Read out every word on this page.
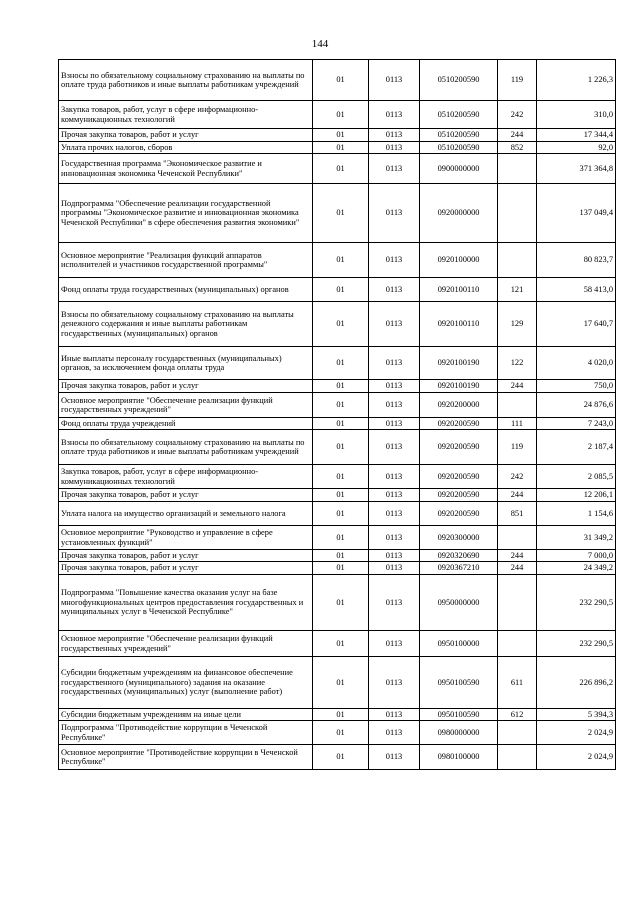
144
Взносы по обязательному социальному страхованию на выплаты по оплате труда работников и иные выплаты работникам учреждений	01	0113	0510200590	119	1 226,3
Закупка товаров, работ, услуг в сфере информационно-коммуникационных технологий	01	0113	0510200590	242	310,0
Прочая закупка товаров, работ и услуг	01	0113	0510200590	244	17 344,4
Уплата прочих налогов, сборов	01	0113	0510200590	852	92,0
Государственная программа "Экономическое развитие и инновационная экономика Чеченской Республики"	01	0113	0900000000		371 364,8
Подпрограмма "Обеспечение реализации государственной программы "Экономическое развитие и инновационная экономика Чеченской Республики" в сфере обеспечения развития экономики"	01	0113	0920000000		137 049,4
Основное мероприятие "Реализация функций аппаратов исполнителей и участников государственной программы"	01	0113	0920100000		80 823,7
Фонд оплаты труда государственных (муниципальных) органов	01	0113	0920100110	121	58 413,0
Взносы по обязательному социальному страхованию на выплаты денежного содержания и иные выплаты работникам государственных (муниципальных) органов	01	0113	0920100110	129	17 640,7
Иные выплаты персоналу государственных (муниципальных) органов, за исключением фонда оплаты труда	01	0113	0920100190	122	4 020,0
Прочая закупка товаров, работ и услуг	01	0113	0920100190	244	750,0
Основное мероприятие "Обеспечение реализации функций государственных учреждений"	01	0113	0920200000		24 876,6
Фонд оплаты труда учреждений	01	0113	0920200590	111	7 243,0
Взносы по обязательному социальному страхованию на выплаты по оплате труда работников и иные выплаты работникам учреждений	01	0113	0920200590	119	2 187,4
Закупка товаров, работ, услуг в сфере информационно-коммуникационных технологий	01	0113	0920200590	242	2 085,5
Прочая закупка товаров, работ и услуг	01	0113	0920200590	244	12 206,1
Уплата налога на имущество организаций и земельного налога	01	0113	0920200590	851	1 154,6
Основное мероприятие "Руководство и управление в сфере установленных функций"	01	0113	0920300000		31 349,2
Прочая закупка товаров, работ и услуг	01	0113	0920320690	244	7 000,0
Прочая закупка товаров, работ и услуг	01	0113	0920367210	244	24 349,2
Подпрограмма "Повышение качества оказания услуг на базе многофункциональных центров предоставления государственных и муниципальных услуг в Чеченской Республике"	01	0113	0950000000		232 290,5
Основное мероприятие "Обеспечение реализации функций государственных учреждений"	01	0113	0950100000		232 290,5
Субсидии бюджетным учреждениям на финансовое обеспечение государственного (муниципального) задания на оказание государственных (муниципальных) услуг (выполнение работ)	01	0113	0950100590	611	226 896,2
Субсидии бюджетным учреждениям на иные цели	01	0113	0950100590	612	5 394,3
Подпрограмма "Противодействие коррупции в Чеченской Республике"	01	0113	0980000000		2 024,9
Основное мероприятие "Противодействие коррупции в Чеченской Республике"	01	0113	0980100000		2 024,9
